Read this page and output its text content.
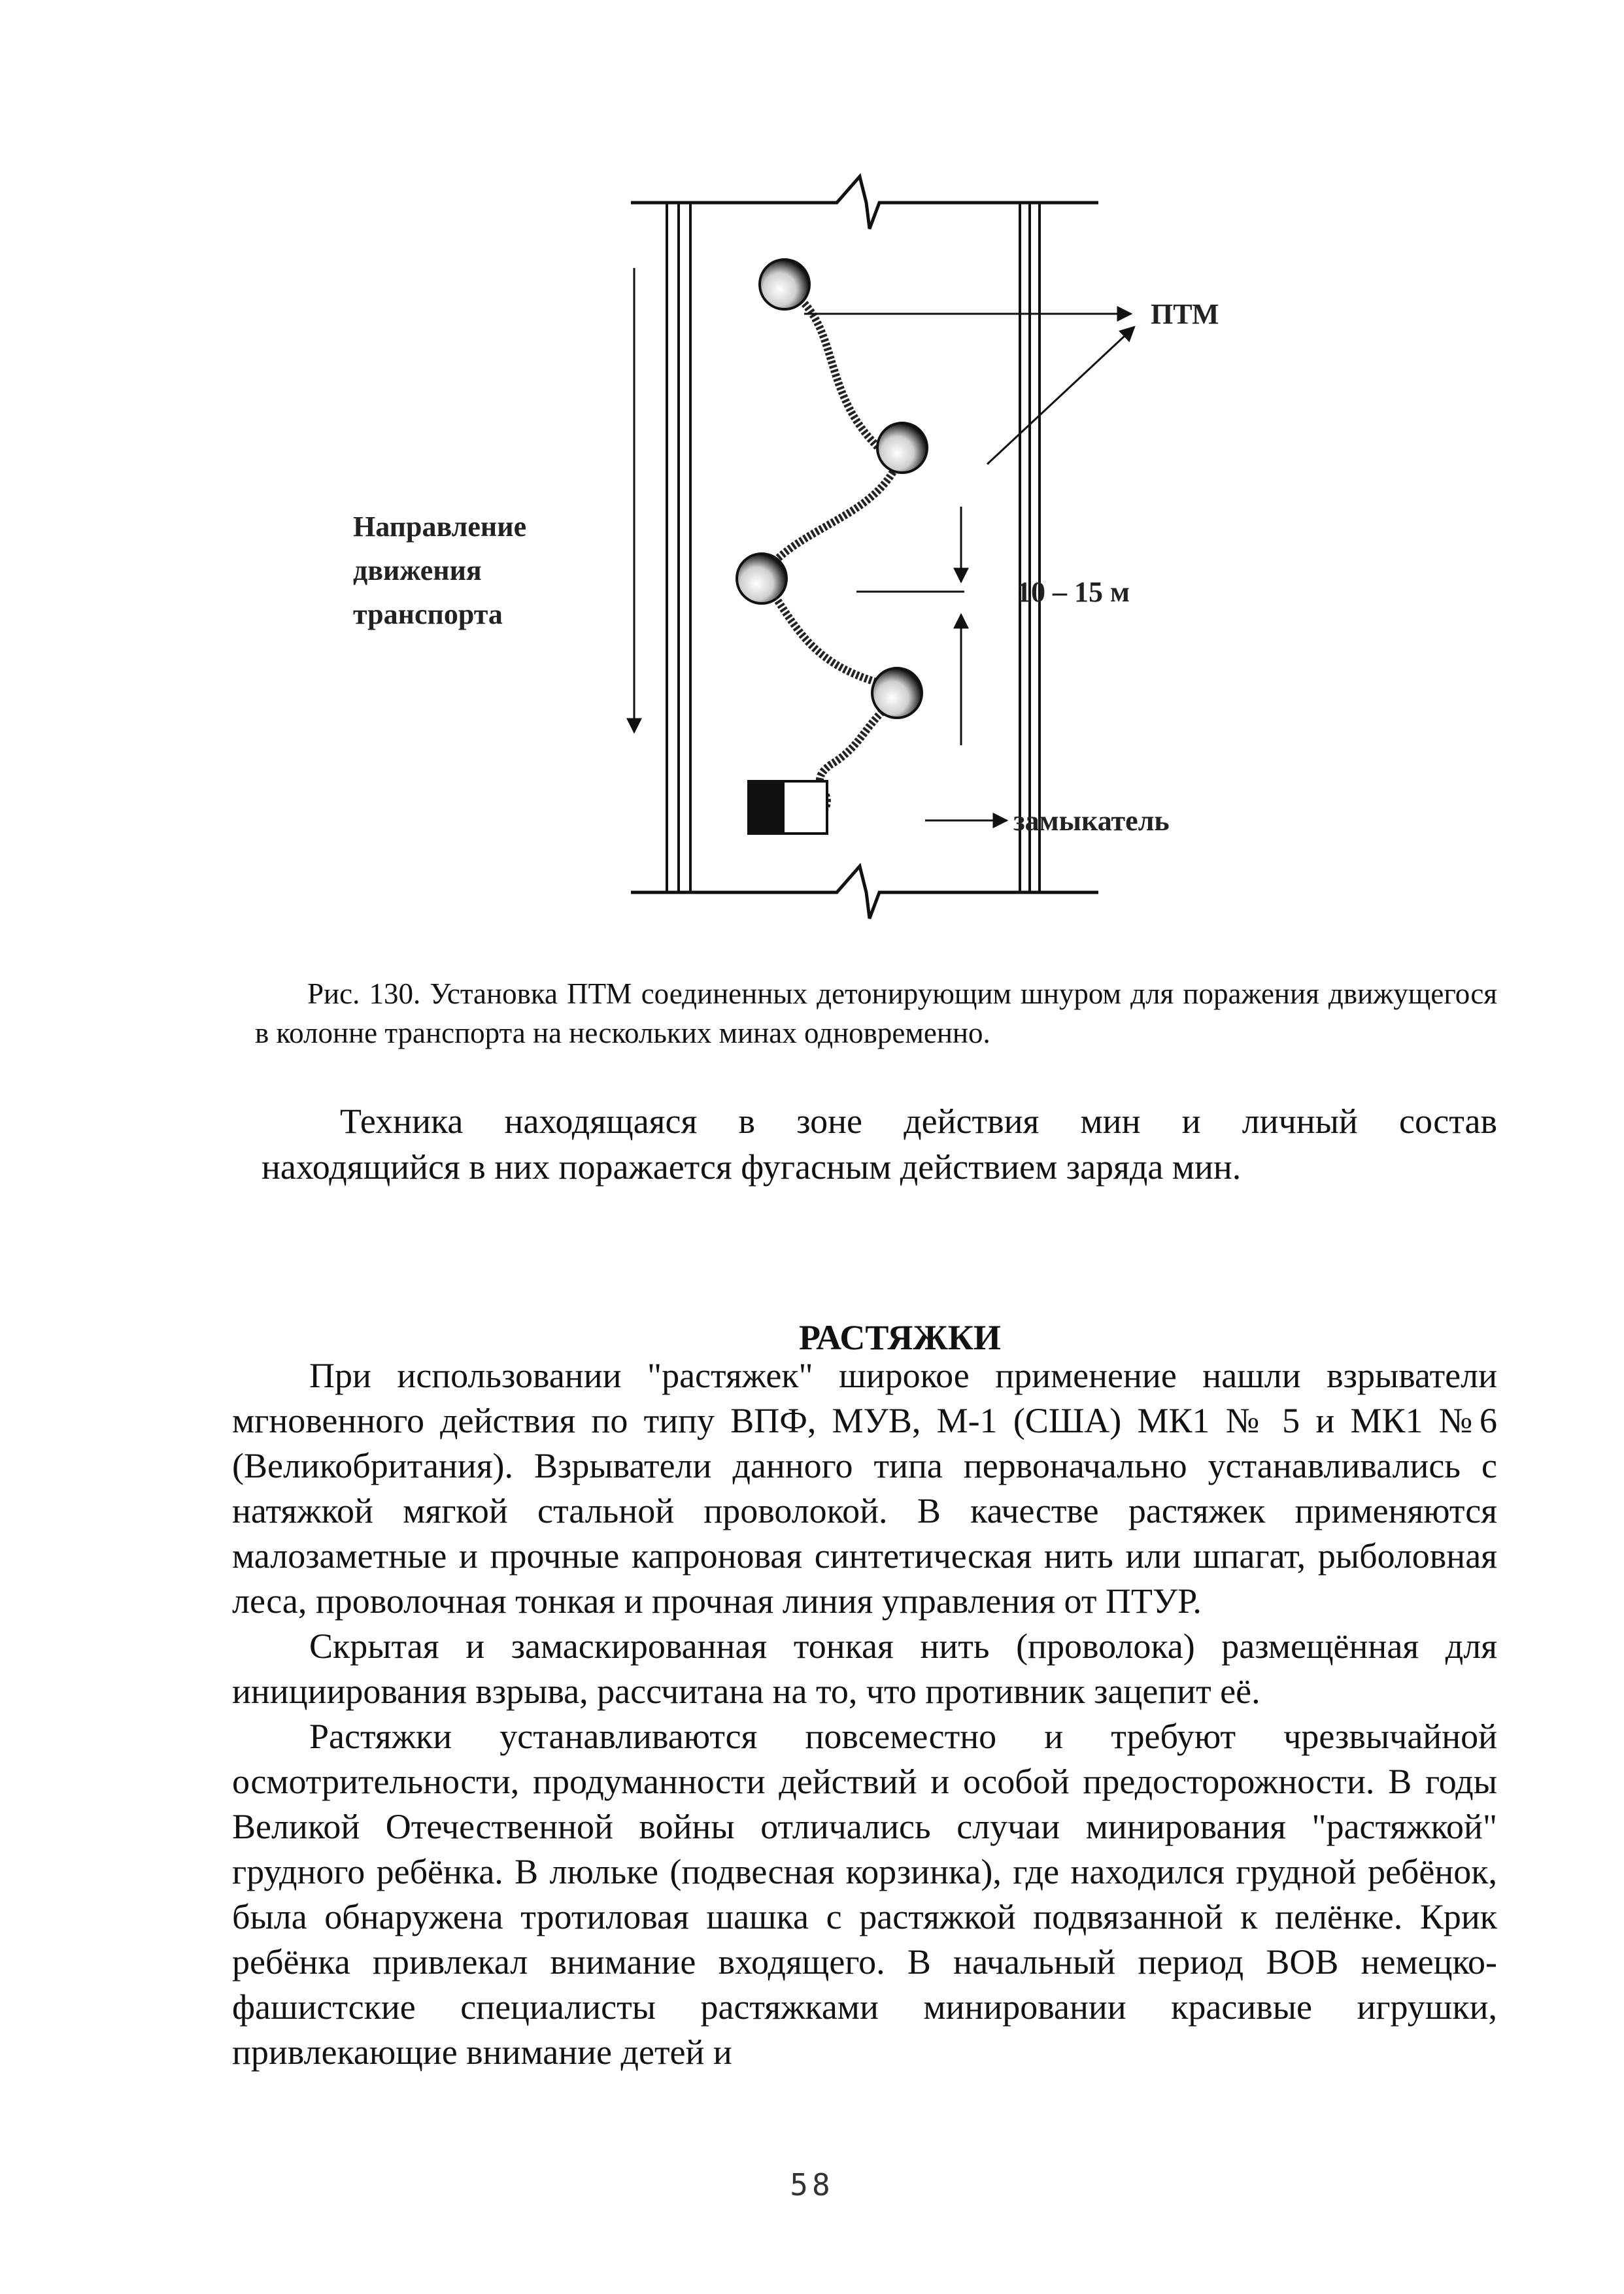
ПТМ
Направление движения транспорта
10 – 15 м
замыкатель
Рис. 130. Установка ПТМ соединенных детонирующим шнуром для поражения движущегося в колонне транспорта на нескольких минах одновременно.

Техника находящаяся в зоне действия мин и личный состав

находящийся в них поражается фугасным действием заряда мин.

РАСТЯЖКИ

При использовании "растяжек" широкое применение нашли взрыватели мгновенного действия по типу ВПФ, МУВ, М-1 (США) МК1 № 5 и МК1 №6 (Великобритания). Взрыватели данного типа первоначально устанавливались с натяжкой мягкой стальной проволокой. В качестве растяжек применяются малозаметные и прочные капроновая синтетическая нить или шпагат, рыболовная леса, проволочная тонкая и прочная линия управления от ПТУР.

Скрытая и замаскированная тонкая нить (проволока) размещённая для инициирования взрыва, рассчитана на то, что противник зацепит её.

Растяжки устанавливаются повсеместно и требуют чрезвычайной осмотрительности, продуманности действий и особой предосторожности. В годы Великой Отечественной войны отличались случаи минирования "растяжкой" грудного ребёнка. В люльке (подвесная корзинка), где находился грудной ребёнок, была обнаружена тротиловая шашка с растяжкой подвязанной к пелёнке. Крик ребёнка привлекал внимание входящего. В начальный период ВОВ немецко-фашистские специалисты растяжками минировании красивые игрушки, привлекающие внимание детей и

58
